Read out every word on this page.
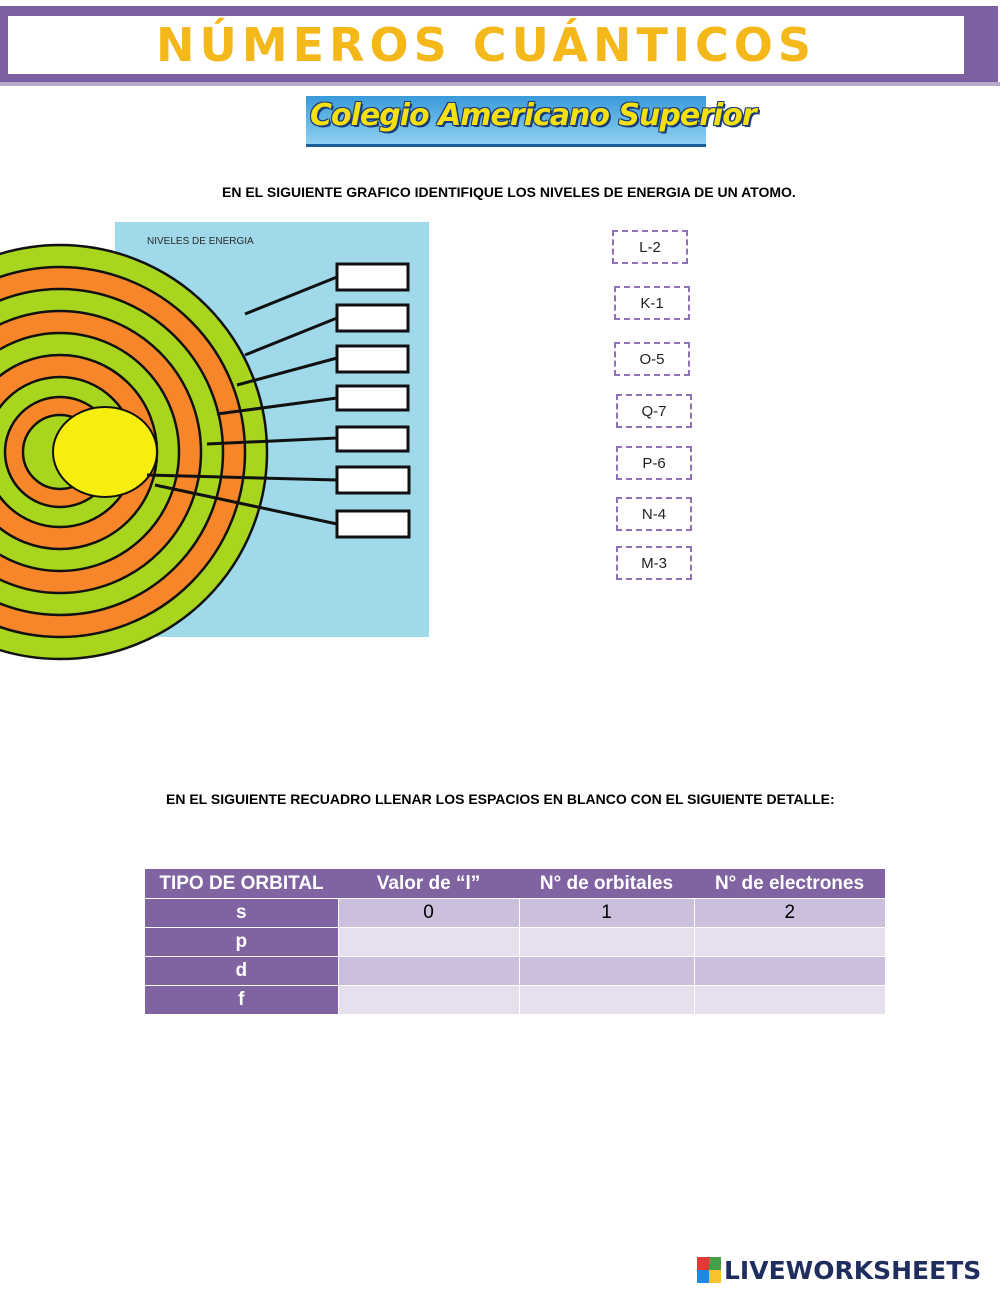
NÚMEROS CUÁNTICOS
Colegio Americano Superior
EN EL SIGUIENTE GRAFICO IDENTIFIQUE LOS NIVELES DE ENERGIA DE UN ATOMO.
NIVELES DE ENERGIA	L-2
K-1
O-5
Q-7
P-6
N-4
M-3
EN EL SIGUIENTE RECUADRO LLENAR LOS ESPACIOS EN BLANCO CON EL SIGUIENTE DETALLE:
TIPO DE ORBITAL	Valor de “l”	N° de orbitales	N° de electrones
s	0	1	2
p			
d			
f			
LIVEWORKSHEETS
